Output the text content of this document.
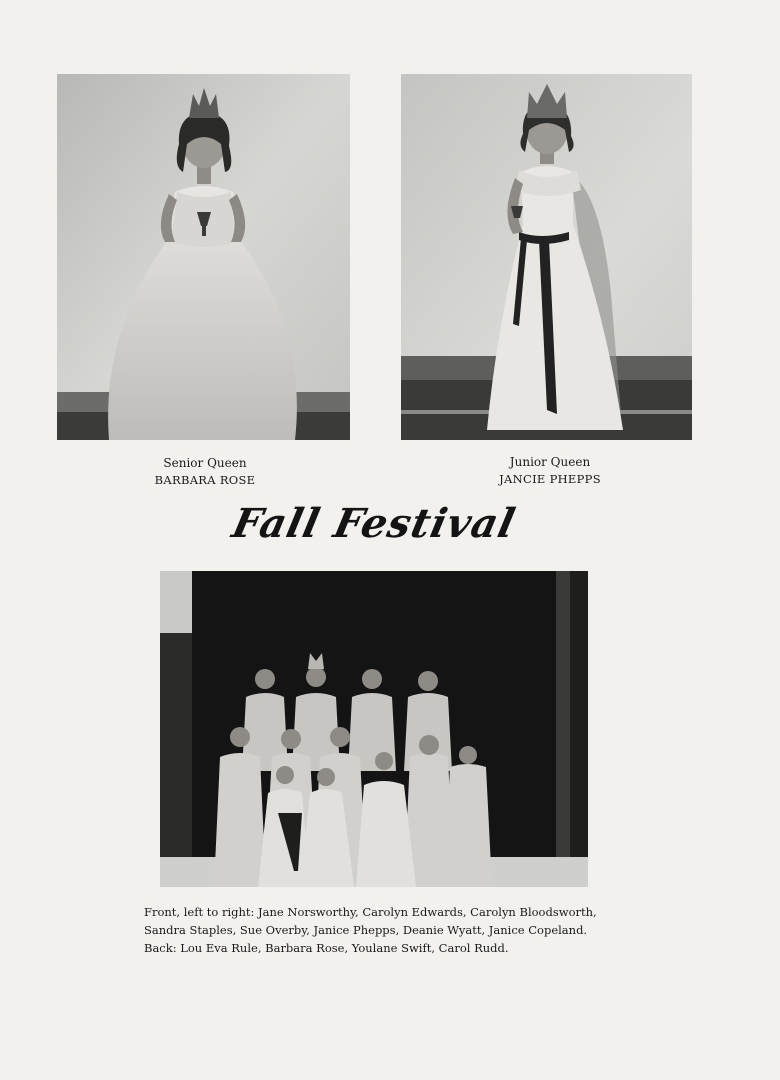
Senior Queen
BARBARA ROSE
Junior Queen
JANCIE PHEPPS
Fall Festival
Front, left to right: Jane Norsworthy, Carolyn Edwards, Carolyn Bloodsworth,
Sandra Staples, Sue Overby, Janice Phepps, Deanie Wyatt, Janice Copeland.
Back: Lou Eva Rule, Barbara Rose, Youlane Swift, Carol Rudd.
